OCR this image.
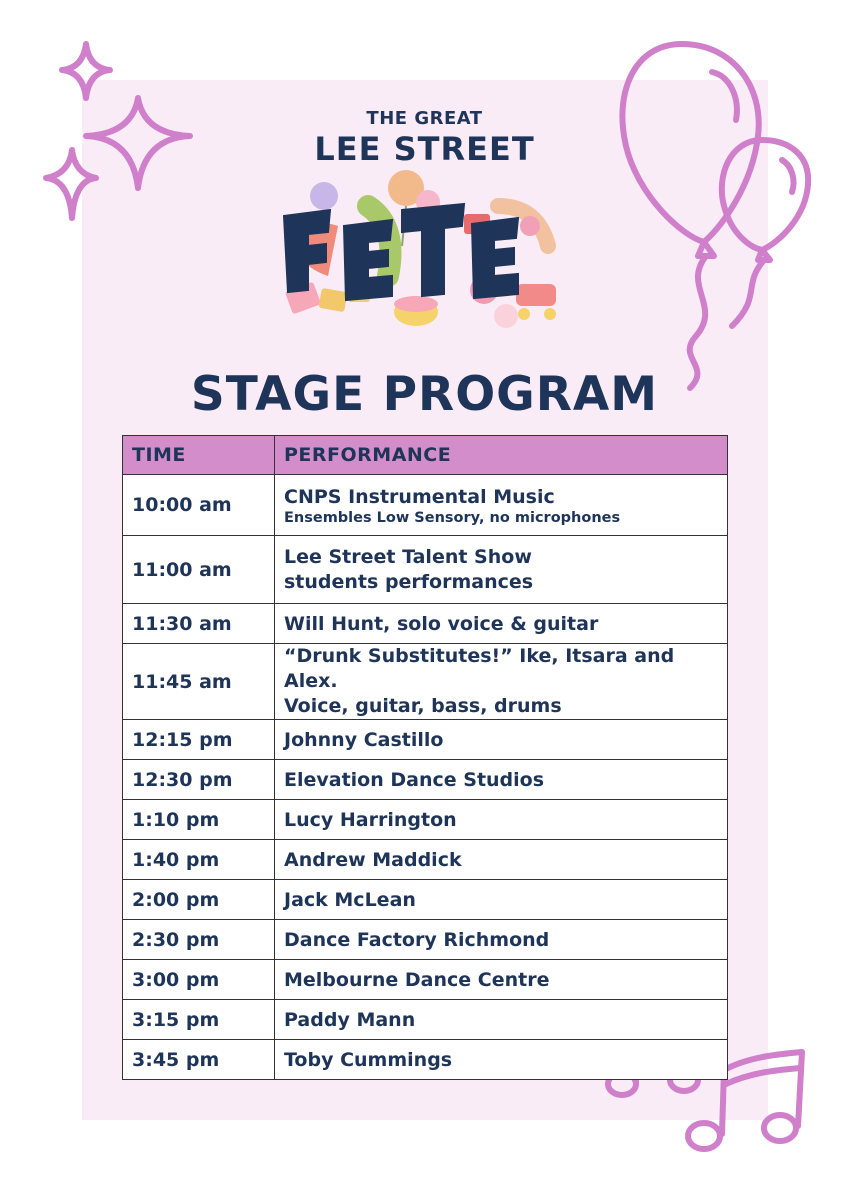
THE GREAT
LEE STREET
STAGE PROGRAM
TIME	PERFORMANCE
10:00 am	CNPS Instrumental Music
Ensembles Low Sensory, no microphones

11:00 am	Lee Street Talent Show
students performances

11:30 am	Will Hunt, solo voice & guitar
11:45 am	“Drunk Substitutes!” Ike, Itsara and Alex.
Voice, guitar, bass, drums

12:15 pm	Johnny Castillo
12:30 pm	Elevation Dance Studios
1:10 pm	Lucy Harrington
1:40 pm	Andrew Maddick
2:00 pm	Jack McLean
2:30 pm	Dance Factory Richmond
3:00 pm	Melbourne Dance Centre
3:15 pm	Paddy Mann
3:45 pm	Toby Cummings
